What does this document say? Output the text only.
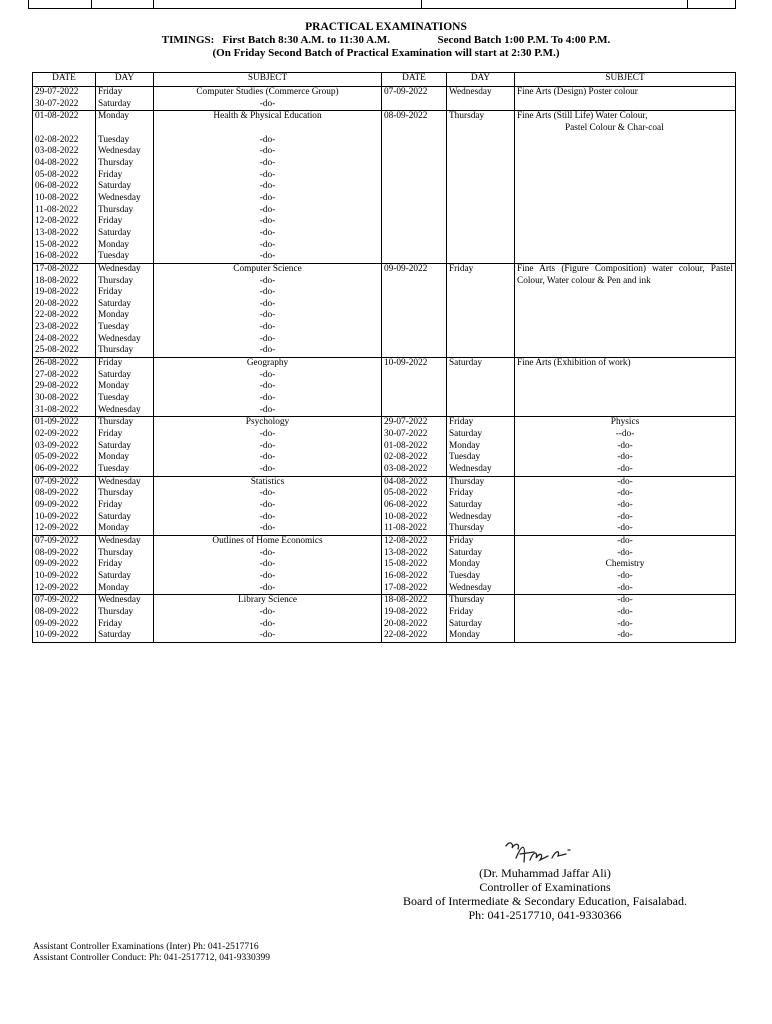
PRACTICAL EXAMINATIONS
TIMINGS: First Batch 8:30 A.M. to 11:30 A.M.	Second Batch 1:00 P.M. To 4:00 P.M.
(On Friday Second Batch of Practical Examination will start at 2:30 P.M.)
DATE	DAY	SUBJECT	DATE	DAY	SUBJECT
29-07-2022	Friday	Computer Studies (Commerce Group)	07-09-2022	Wednesday	Fine Arts (Design) Poster colour
30-07-2022	Saturday	-do-			
01-08-2022	Monday	Health & Physical Education	08-09-2022	Thursday	Fine Arts (Still Life) Water Colour,
Pastel Colour & Char-coal

02-08-2022	Tuesday	-do-			
03-08-2022	Wednesday	-do-			
04-08-2022	Thursday	-do-			
05-08-2022	Friday	-do-			
06-08-2022	Saturday	-do-			
10-08-2022	Wednesday	-do-			
11-08-2022	Thursday	-do-			
12-08-2022	Friday	-do-			
13-08-2022	Saturday	-do-			
15-08-2022	Monday	-do-			
16-08-2022	Tuesday	-do-			
17-08-2022	Wednesday	Computer Science	09-09-2022	Friday	Fine Arts (Figure Composition) water colour, Pastel Colour, Water colour & Pen and ink
18-08-2022	Thursday	-do-			
19-08-2022	Friday	-do-			
20-08-2022	Saturday	-do-			
22-08-2022	Monday	-do-			
23-08-2022	Tuesday	-do-			
24-08-2022	Wednesday	-do-			
25-08-2022	Thursday	-do-			
26-08-2022	Friday	Geography	10-09-2022	Saturday	Fine Arts (Exhibition of work)
27-08-2022	Saturday	-do-			
29-08-2022	Monday	-do-			
30-08-2022	Tuesday	-do-			
31-08-2022	Wednesday	-do-			
01-09-2022	Thursday	Psychology	29-07-2022	Friday	Physics
02-09-2022	Friday	-do-	30-07-2022	Saturday	--do-
03-09-2022	Saturday	-do-	01-08-2022	Monday	-do-
05-09-2022	Monday	-do-	02-08-2022	Tuesday	-do-
06-09-2022	Tuesday	-do-	03-08-2022	Wednesday	-do-
07-09-2022	Wednesday	Statistics	04-08-2022	Thursday	-do-
08-09-2022	Thursday	-do-	05-08-2022	Friday	-do-
09-09-2022	Friday	-do-	06-08-2022	Saturday	-do-
10-09-2022	Saturday	-do-	10-08-2022	Wednesday	-do-
12-09-2022	Monday	-do-	11-08-2022	Thursday	-do-
07-09-2022	Wednesday	Outlines of Home Economics	12-08-2022	Friday	-do-
08-09-2022	Thursday	-do-	13-08-2022	Saturday	-do-
09-09-2022	Friday	-do-	15-08-2022	Monday	Chemistry
10-09-2022	Saturday	-do-	16-08-2022	Tuesday	-do-
12-09-2022	Monday	-do-	17-08-2022	Wednesday	-do-
07-09-2022	Wednesday	Library Science	18-08-2022	Thursday	-do-
08-09-2022	Thursday	-do-	19-08-2022	Friday	-do-
09-09-2022	Friday	-do-	20-08-2022	Saturday	-do-
10-09-2022	Saturday	-do-	22-08-2022	Monday	-do-
(Dr. Muhammad Jaffar Ali)
Controller of Examinations
Board of Intermediate & Secondary Education, Faisalabad.
Ph: 041-2517710, 041-9330366
Assistant Controller Examinations (Inter) Ph: 041-2517716
Assistant Controller Conduct: Ph: 041-2517712, 041-9330399
